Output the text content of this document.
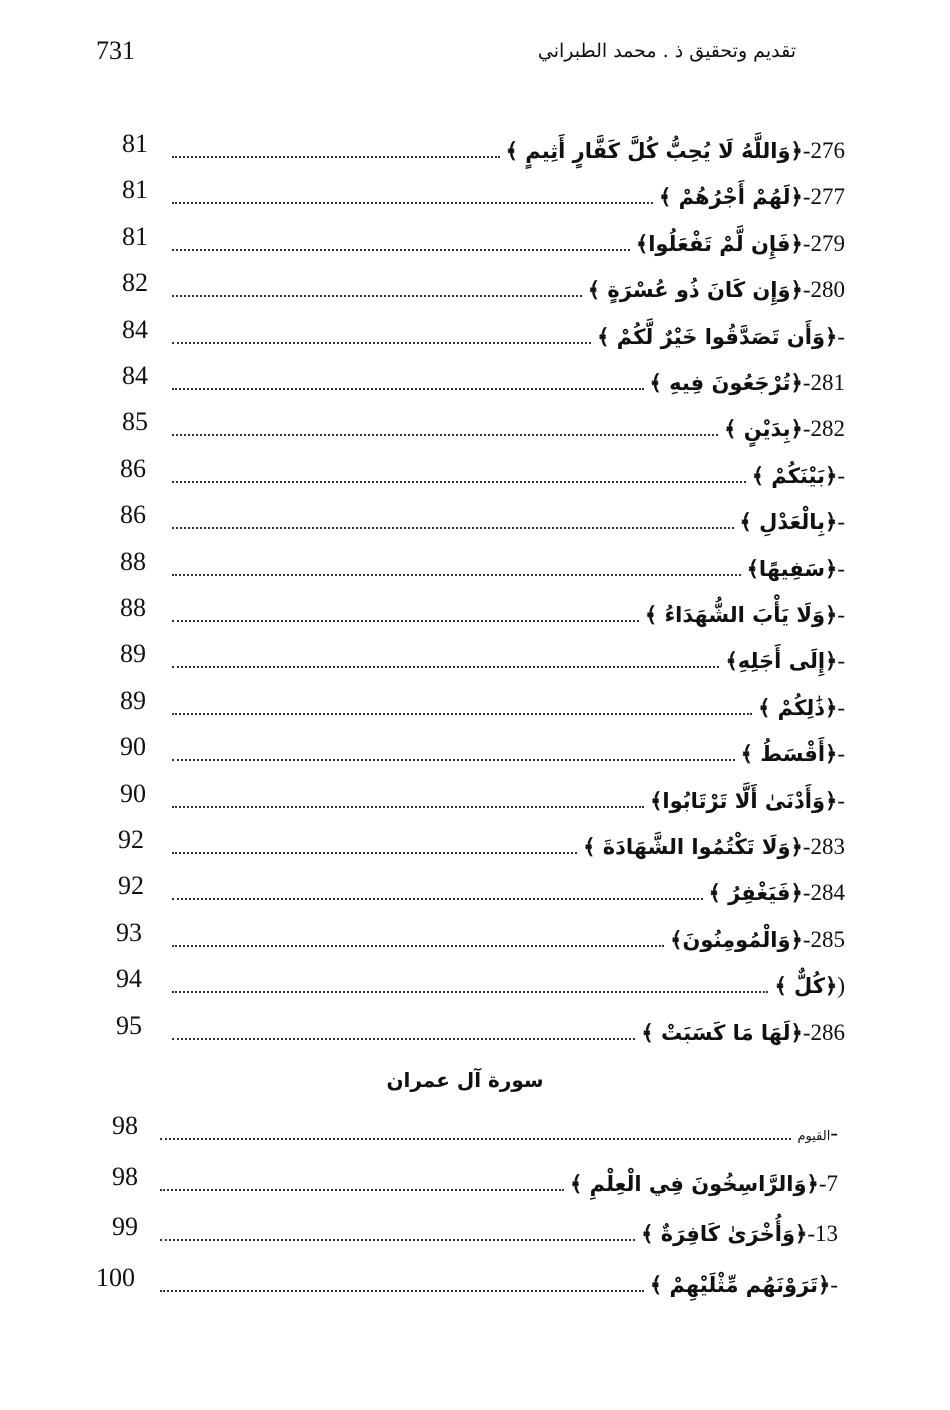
731	تقديم وتحقيق ذ . محمد الطبراني
81	276-﴿وَاللَّهُ لَا يُحِبُّ كُلَّ كَفَّارٍ أَثِيمٍ ﴾
81	277-﴿لَهُمْ أَجْرُهُمْ ﴾
81	279-﴿فَإِن لَّمْ تَفْعَلُوا﴾
82	280-﴿وَإِن كَانَ ذُو عُسْرَةٍ ﴾
84	-﴿وَأَن تَصَدَّقُوا خَيْرٌ لَّكُمْ ﴾
84	281-﴿تُرْجَعُونَ فِيهِ ﴾
85	282-﴿بِدَيْنٍ ﴾
86	-﴿بَيْنَكُمْ ﴾
86	-﴿بِالْعَدْلِ ﴾
88	-﴿سَفِيهًا﴾
88	-﴿وَلَا يَأْبَ الشُّهَدَاءُ ﴾
89	-﴿إِلَى أَجَلِهِ﴾
89	-﴿ذَٰلِكُمْ ﴾
90	-﴿أَقْسَطُ ﴾
90	-﴿وَأَدْنَىٰ أَلَّا تَرْتَابُوا﴾
92	283-﴿وَلَا تَكْتُمُوا الشَّهَادَةَ ﴾
92	284-﴿فَيَغْفِرُ ﴾
93	285-﴿وَالْمُومِنُونَ﴾
94	(﴿كُلٌّ ﴾
95	286-﴿لَهَا مَا كَسَبَتْ ﴾
سورة آل عمران
98	-القيوم
98	7-﴿وَالرَّاسِخُونَ فِي الْعِلْمِ ﴾
99	13-﴿وَأُخْرَىٰ كَافِرَةٌ ﴾
100	-﴿تَرَوْنَهُم مِّثْلَيْهِمْ ﴾
